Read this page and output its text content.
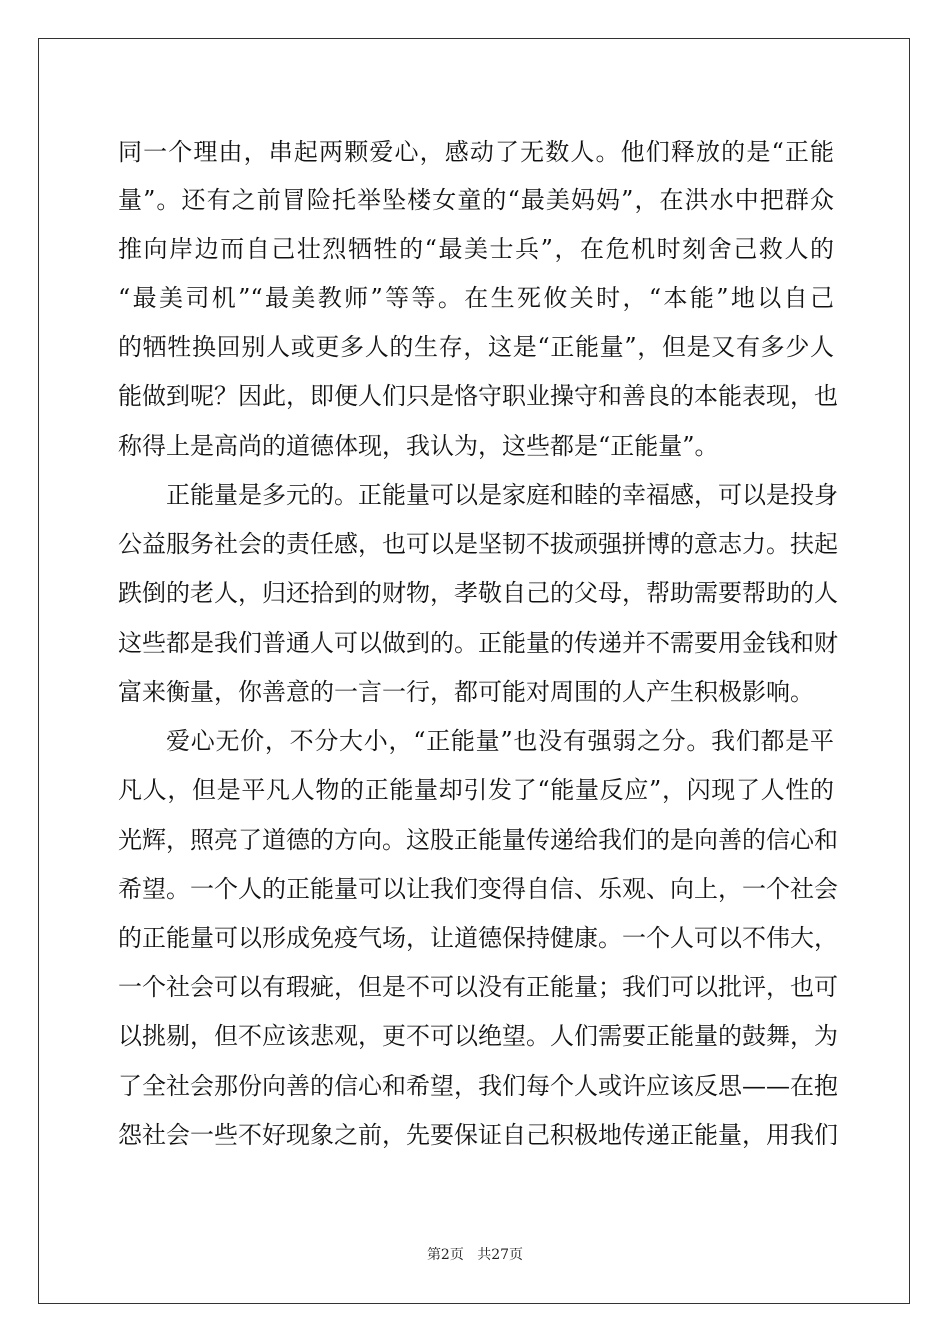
同一个理由，串起两颗爱心，感动了无数人。他们释放的是“正能
量”。还有之前冒险托举坠楼女童的“最美妈妈”，在洪水中把群众
推向岸边而自己壮烈牺牲的“最美士兵”，在危机时刻舍己救人的
“最美司机”“最美教师”等等。在生死攸关时，“本能”地以自己
的牺牲换回别人或更多人的生存，这是“正能量”，但是又有多少人
能做到呢？因此，即便人们只是恪守职业操守和善良的本能表现，也
称得上是高尚的道德体现，我认为，这些都是“正能量”。
正能量是多元的。正能量可以是家庭和睦的幸福感，可以是投身
公益服务社会的责任感，也可以是坚韧不拔顽强拼博的意志力。扶起
跌倒的老人，归还拾到的财物，孝敬自己的父母，帮助需要帮助的人
这些都是我们普通人可以做到的。正能量的传递并不需要用金钱和财
富来衡量，你善意的一言一行，都可能对周围的人产生积极影响。
爱心无价，不分大小，“正能量”也没有强弱之分。我们都是平
凡人，但是平凡人物的正能量却引发了“能量反应”，闪现了人性的
光辉，照亮了道德的方向。这股正能量传递给我们的是向善的信心和
希望。一个人的正能量可以让我们变得自信、乐观、向上，一个社会
的正能量可以形成免疫气场，让道德保持健康。一个人可以不伟大，
一个社会可以有瑕疵，但是不可以没有正能量；我们可以批评，也可
以挑剔，但不应该悲观，更不可以绝望。人们需要正能量的鼓舞，为
了全社会那份向善的信心和希望，我们每个人或许应该反思——在抱
怨社会一些不好现象之前，先要保证自己积极地传递正能量，用我们
第2页 共27页
